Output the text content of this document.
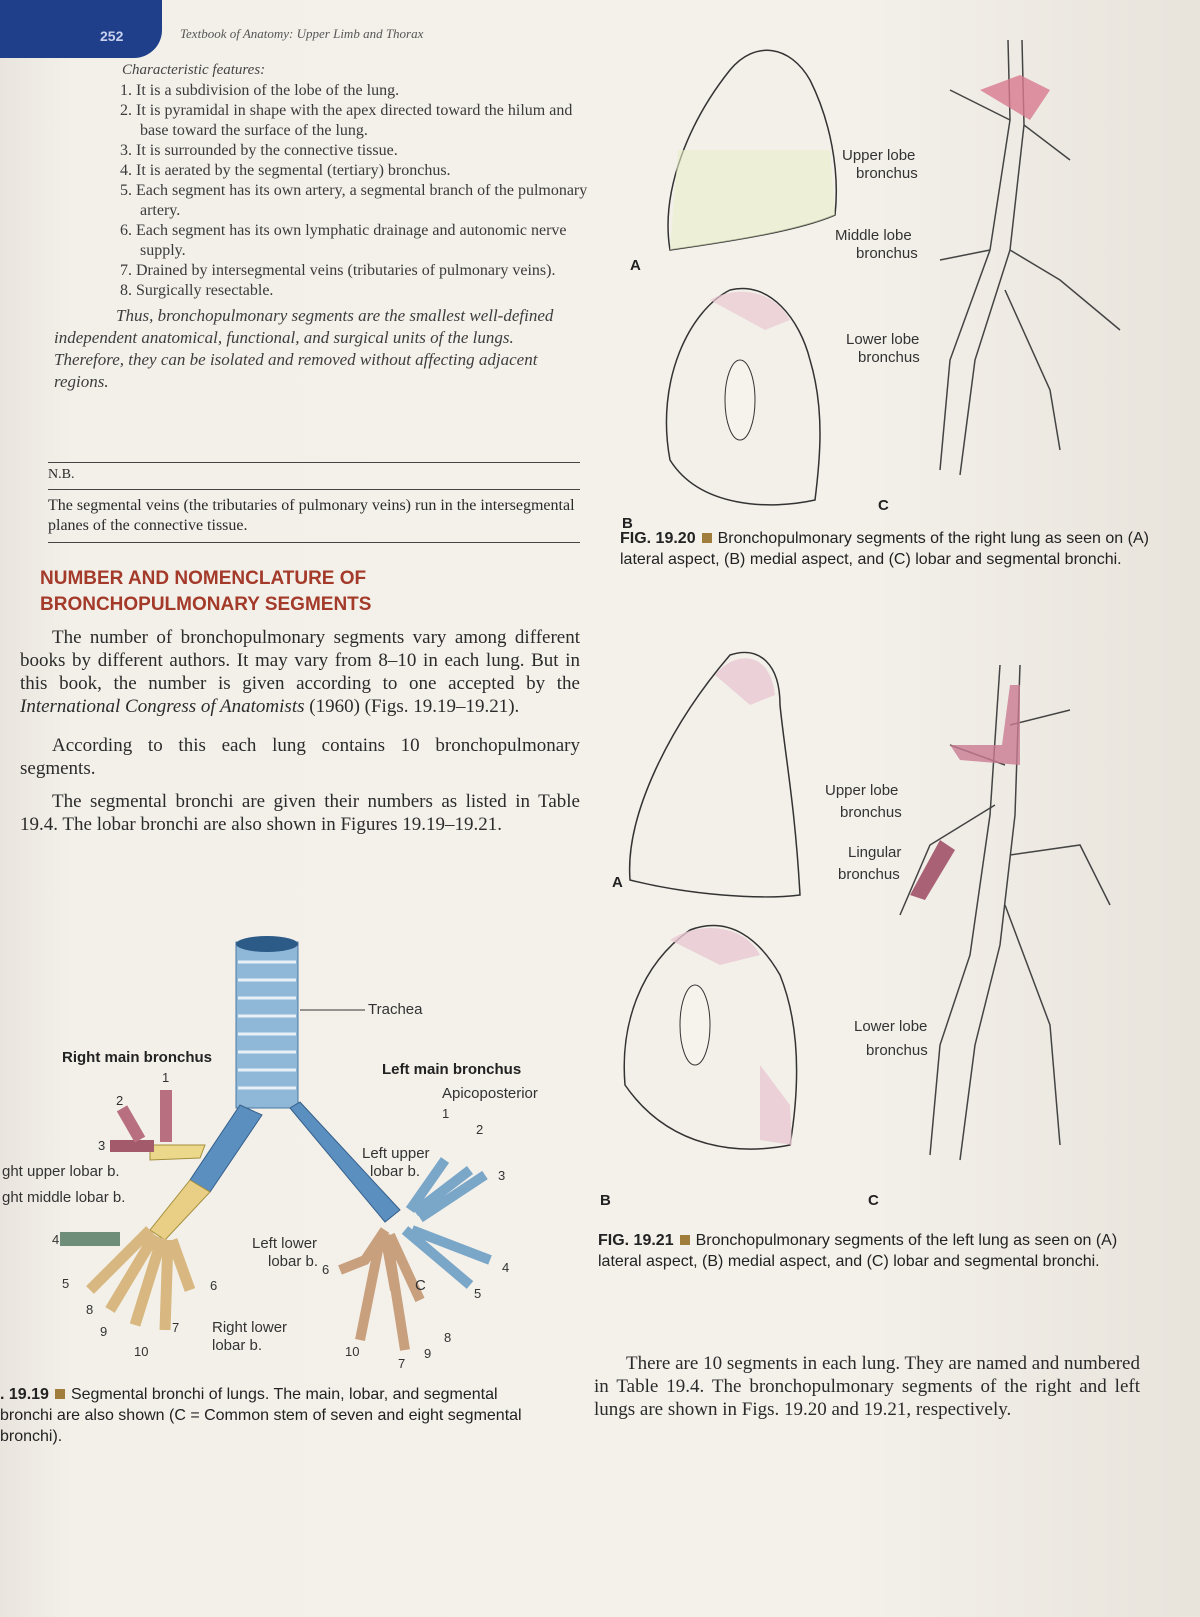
252	Textbook of Anatomy: Upper Limb and Thorax

Characteristic features:

1. It is a subdivision of the lobe of the lung.
2. It is pyramidal in shape with the apex directed toward the hilum and base toward the surface of the lung.
3. It is surrounded by the connective tissue.
4. It is aerated by the segmental (tertiary) bronchus.
5. Each segment has its own artery, a segmental branch of the pulmonary artery.
6. Each segment has its own lymphatic drainage and autonomic nerve supply.
7. Drained by intersegmental veins (tributaries of pulmonary veins).
8. Surgically resectable.

Thus, bronchopulmonary segments are the smallest well-defined independent anatomical, functional, and surgical units of the lungs. Therefore, they can be isolated and removed without affecting adjacent regions.

N.B.
The segmental veins (the tributaries of pulmonary veins) run in the intersegmental planes of the connective tissue.
NUMBER AND NOMENCLATURE OF BRONCHOPULMONARY SEGMENTS

The number of bronchopulmonary segments vary among different books by different authors. It may vary from 8–10 in each lung. But in this book, the number is given according to one accepted by the International Congress of Anatomists (1960) (Figs. 19.19–19.21).

According to this each lung contains 10 bronchopulmonary segments.

The segmental bronchi are given their numbers as listed in Table 19.4. The lobar bronchi are also shown in Figures 19.19–19.21.

Trachea
Right main bronchus
Left main bronchus
Apicoposterior
Left upper
lobar b.
ght upper lobar b.
ght middle lobar b.
Left lower
lobar b.
Right lower
lobar b.
C
1
2
3
4
5	6
7
8
9
10
1
2
3
4
5
6
7
8
9
10
Upper lobe
bronchus
Middle lobe
bronchus
Lower lobe
bronchus
A
B
C

FIG. 19.20 Bronchopulmonary segments of the right lung as seen on (A) lateral aspect, (B) medial aspect, and (C) lobar and segmental bronchi.

Upper lobe
bronchus
Lingular
bronchus
Lower lobe
bronchus
A
B	C

FIG. 19.21 Bronchopulmonary segments of the left lung as seen on (A) lateral aspect, (B) medial aspect, and (C) lobar and segmental bronchi.

. 19.19 Segmental bronchi of lungs. The main, lobar, and segmental bronchi are also shown (C = Common stem of seven and eight segmental bronchi).

There are 10 segments in each lung. They are named and numbered in Table 19.4. The bronchopulmonary segments of the right and left lungs are shown in Figs. 19.20 and 19.21, respectively.
